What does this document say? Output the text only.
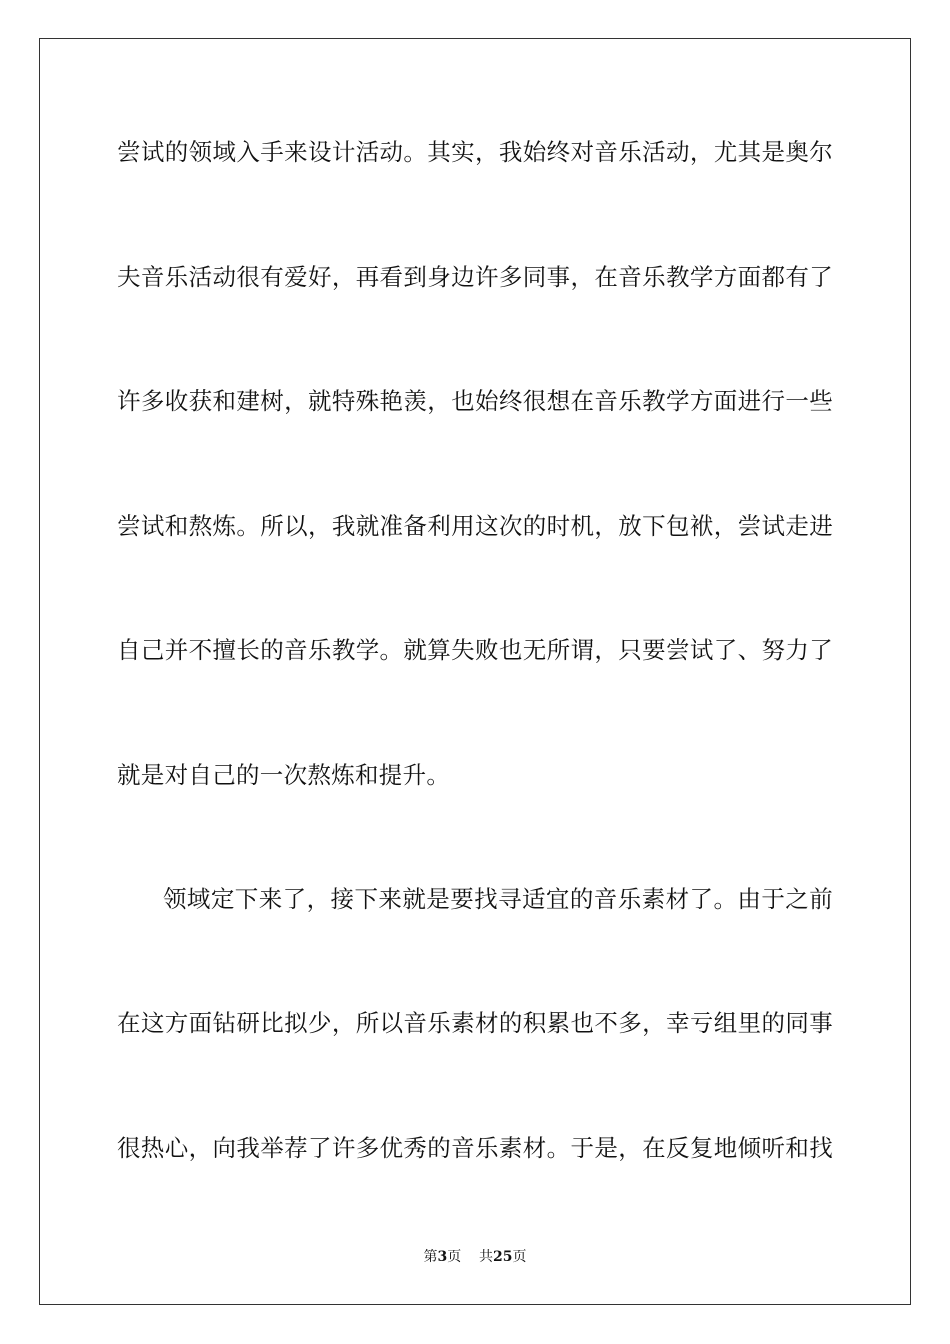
尝试的领域入手来设计活动。其实，我始终对音乐活动，尤其是奥尔
夫音乐活动很有爱好，再看到身边许多同事，在音乐教学方面都有了
许多收获和建树，就特殊艳羡，也始终很想在音乐教学方面进行一些
尝试和熬炼。所以，我就准备利用这次的时机，放下包袱，尝试走进
自己并不擅长的音乐教学。就算失败也无所谓，只要尝试了、努力了
就是对自己的一次熬炼和提升。
领域定下来了，接下来就是要找寻适宜的音乐素材了。由于之前
在这方面钻研比拟少，所以音乐素材的积累也不多，幸亏组里的同事
很热心，向我举荐了许多优秀的音乐素材。于是，在反复地倾听和找
第3页 共25页
